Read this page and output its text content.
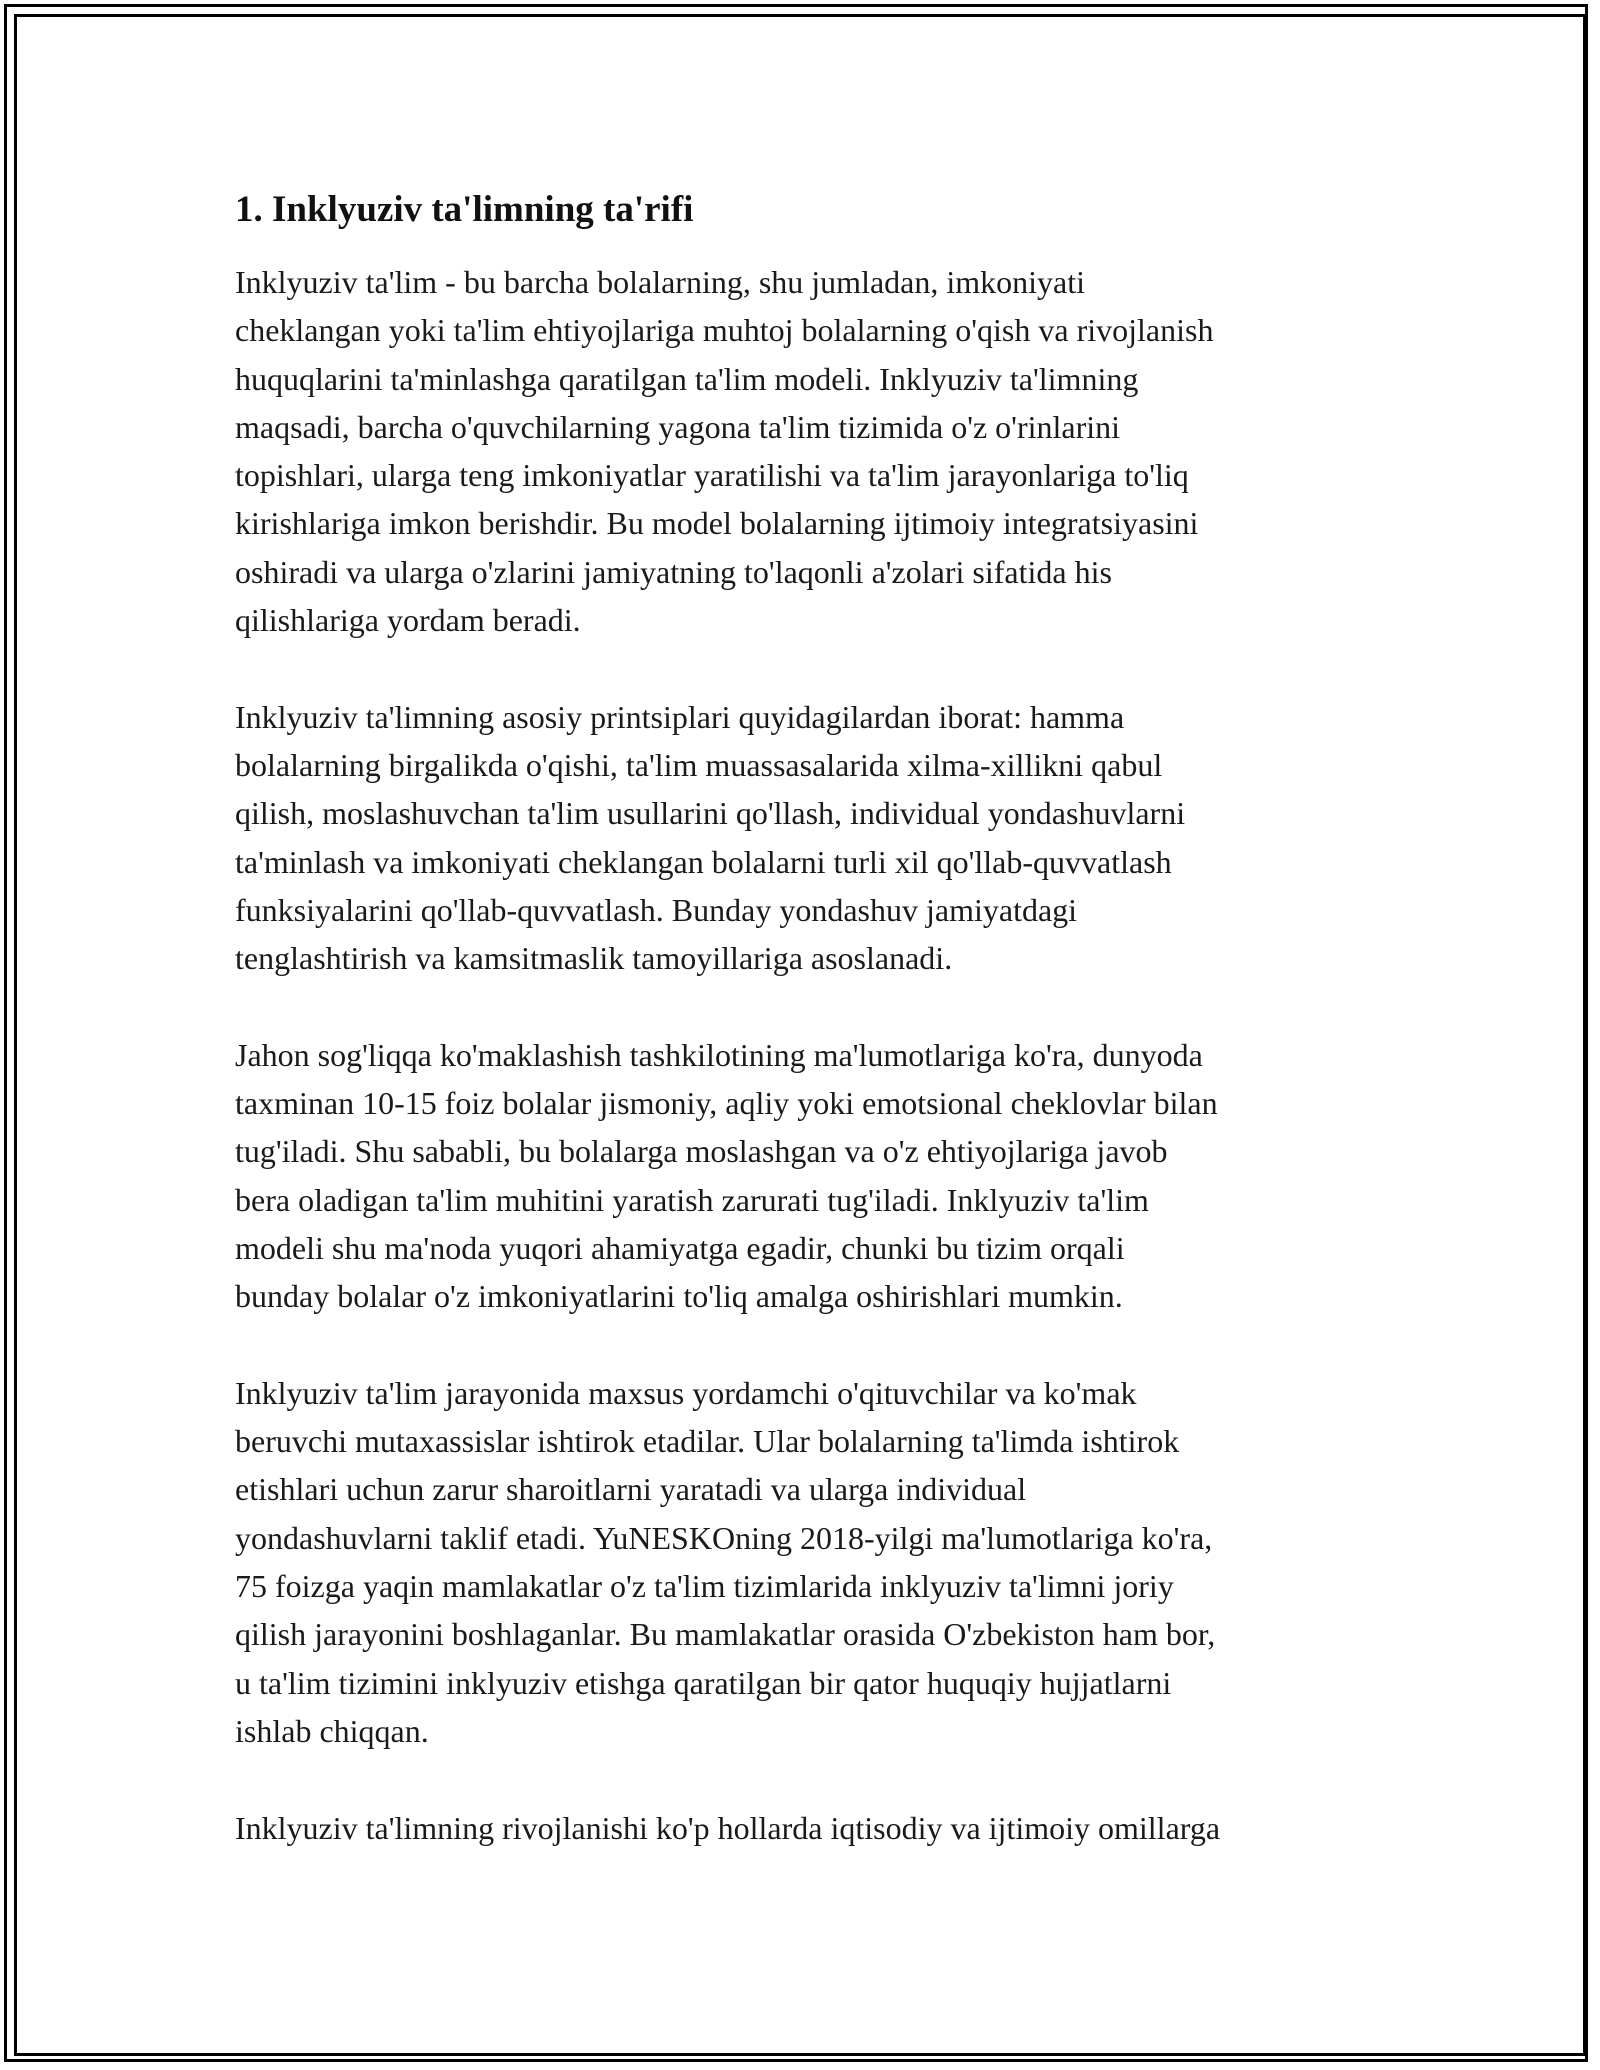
1. Inklyuziv ta'limning ta'rifi
Inklyuziv ta'lim - bu barcha bolalarning, shu jumladan, imkoniyati
cheklangan yoki ta'lim ehtiyojlariga muhtoj bolalarning o'qish va rivojlanish
huquqlarini ta'minlashga qaratilgan ta'lim modeli. Inklyuziv ta'limning
maqsadi, barcha o'quvchilarning yagona ta'lim tizimida o'z o'rinlarini
topishlari, ularga teng imkoniyatlar yaratilishi va ta'lim jarayonlariga to'liq
kirishlariga imkon berishdir. Bu model bolalarning ijtimoiy integratsiyasini
oshiradi va ularga o'zlarini jamiyatning to'laqonli a'zolari sifatida his
qilishlariga yordam beradi.
Inklyuziv ta'limning asosiy printsiplari quyidagilardan iborat: hamma
bolalarning birgalikda o'qishi, ta'lim muassasalarida xilma-xillikni qabul
qilish, moslashuvchan ta'lim usullarini qo'llash, individual yondashuvlarni
ta'minlash va imkoniyati cheklangan bolalarni turli xil qo'llab-quvvatlash
funksiyalarini qo'llab-quvvatlash. Bunday yondashuv jamiyatdagi
tenglashtirish va kamsitmaslik tamoyillariga asoslanadi.
Jahon sog'liqqa ko'maklashish tashkilotining ma'lumotlariga ko'ra, dunyoda
taxminan 10-15 foiz bolalar jismoniy, aqliy yoki emotsional cheklovlar bilan
tug'iladi. Shu sababli, bu bolalarga moslashgan va o'z ehtiyojlariga javob
bera oladigan ta'lim muhitini yaratish zarurati tug'iladi. Inklyuziv ta'lim
modeli shu ma'noda yuqori ahamiyatga egadir, chunki bu tizim orqali
bunday bolalar o'z imkoniyatlarini to'liq amalga oshirishlari mumkin.
Inklyuziv ta'lim jarayonida maxsus yordamchi o'qituvchilar va ko'mak
beruvchi mutaxassislar ishtirok etadilar. Ular bolalarning ta'limda ishtirok
etishlari uchun zarur sharoitlarni yaratadi va ularga individual
yondashuvlarni taklif etadi. YuNESKOning 2018-yilgi ma'lumotlariga ko'ra,
75 foizga yaqin mamlakatlar o'z ta'lim tizimlarida inklyuziv ta'limni joriy
qilish jarayonini boshlaganlar. Bu mamlakatlar orasida O'zbekiston ham bor,
u ta'lim tizimini inklyuziv etishga qaratilgan bir qator huquqiy hujjatlarni
ishlab chiqqan.
Inklyuziv ta'limning rivojlanishi ko'p hollarda iqtisodiy va ijtimoiy omillarga
